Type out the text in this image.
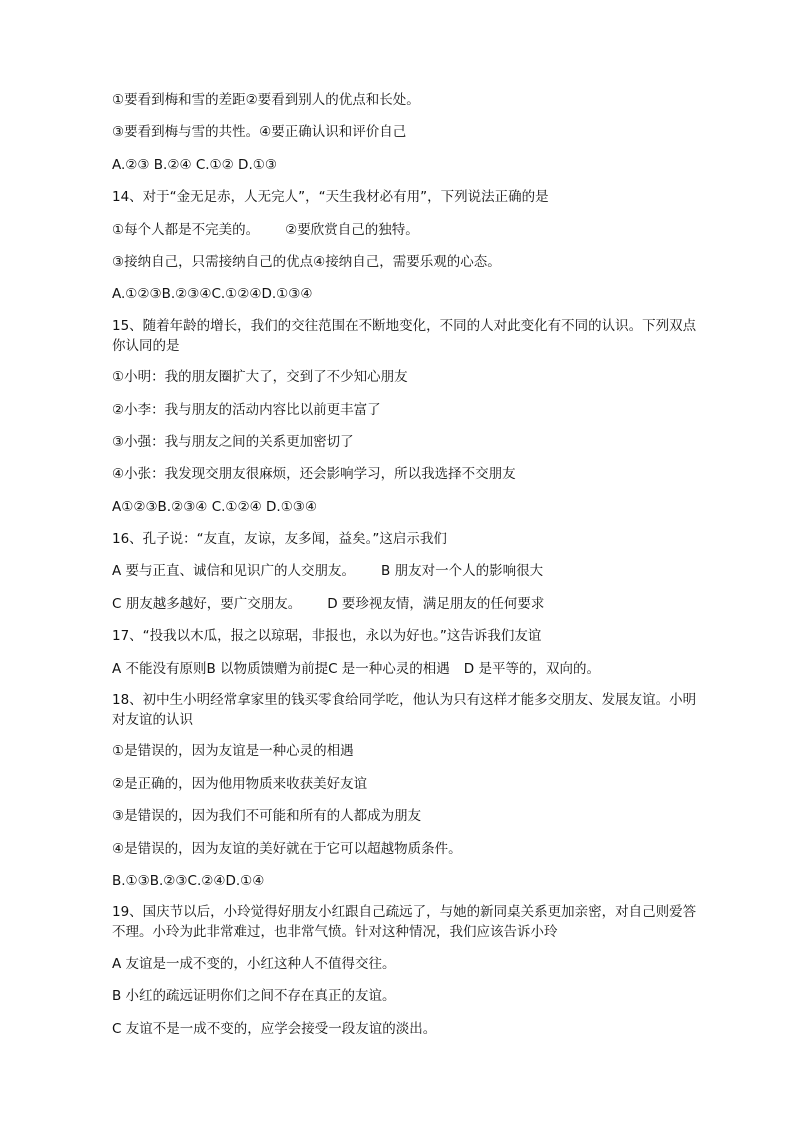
①要看到梅和雪的差距②要看到别人的优点和长处。
③要看到梅与雪的共性。④要正确认识和评价自己
A.②③ B.②④ C.①② D.①③
14、对于“金无足赤，人无完人”，“天生我材必有用”，下列说法正确的是
①每个人都是不完美的。 ②要欣赏自己的独特。
③接纳自己，只需接纳自己的优点④接纳自己，需要乐观的心态。
A.①②③B.②③④C.①②④D.①③④
15、随着年龄的增长，我们的交往范围在不断地变化，不同的人对此变化有不同的认识。下列双点你认同的是
①小明：我的朋友圈扩大了，交到了不少知心朋友
②小李：我与朋友的活动内容比以前更丰富了
③小强：我与朋友之间的关系更加密切了
④小张：我发现交朋友很麻烦，还会影响学习，所以我选择不交朋友
A①②③B.②③④ C.①②④ D.①③④
16、孔子说：“友直，友谅，友多闻，益矣。”这启示我们
A 要与正直、诚信和见识广的人交朋友。 B 朋友对一个人的影响很大
C 朋友越多越好，要广交朋友。 D 要珍视友情，满足朋友的任何要求
17、“投我以木瓜，报之以琼琚，非报也，永以为好也。”这告诉我们友谊
A 不能没有原则B 以物质馈赠为前提C 是一种心灵的相遇 D 是平等的，双向的。
18、初中生小明经常拿家里的钱买零食给同学吃，他认为只有这样才能多交朋友、发展友谊。小明对友谊的认识
①是错误的，因为友谊是一种心灵的相遇
②是正确的，因为他用物质来收获美好友谊
③是错误的，因为我们不可能和所有的人都成为朋友
④是错误的，因为友谊的美好就在于它可以超越物质条件。
B.①③B.②③C.②④D.①④
19、国庆节以后，小玲觉得好朋友小红跟自己疏远了，与她的新同桌关系更加亲密，对自己则爱答不理。小玲为此非常难过，也非常气愤。针对这种情况，我们应该告诉小玲
A 友谊是一成不变的，小红这种人不值得交往。
B 小红的疏远证明你们之间不存在真正的友谊。
C 友谊不是一成不变的，应学会接受一段友谊的淡出。
